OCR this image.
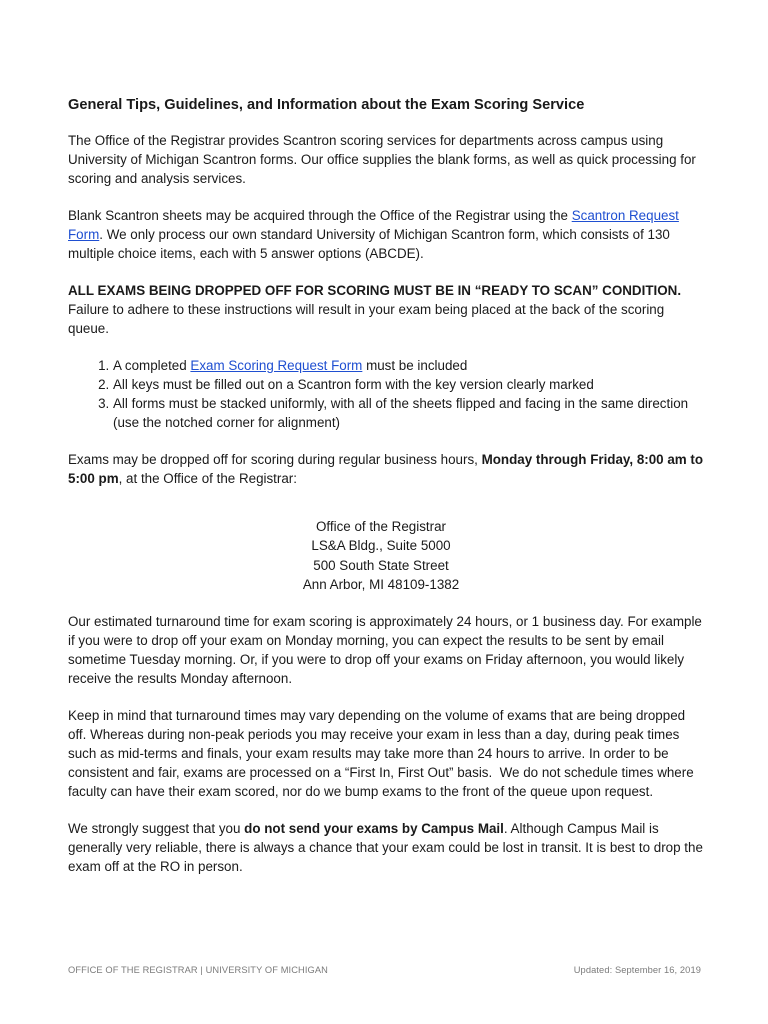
General Tips, Guidelines, and Information about the Exam Scoring Service

The Office of the Registrar provides Scantron scoring services for departments across campus using University of Michigan Scantron forms. Our office supplies the blank forms, as well as quick processing for scoring and analysis services.

Blank Scantron sheets may be acquired through the Office of the Registrar using the Scantron Request Form. We only process our own standard University of Michigan Scantron form, which consists of 130 multiple choice items, each with 5 answer options (ABCDE).

ALL EXAMS BEING DROPPED OFF FOR SCORING MUST BE IN “READY TO SCAN” CONDITION.  Failure to adhere to these instructions will result in your exam being placed at the back of the scoring queue.

1. A completed Exam Scoring Request Form must be included
2. All keys must be filled out on a Scantron form with the key version clearly marked
3. All forms must be stacked uniformly, with all of the sheets flipped and facing in the same direction (use the notched corner for alignment)

Exams may be dropped off for scoring during regular business hours, Monday through Friday, 8:00 am to 5:00 pm, at the Office of the Registrar:

Office of the Registrar
LS&A Bldg., Suite 5000
500 South State Street
Ann Arbor, MI 48109-1382

Our estimated turnaround time for exam scoring is approximately 24 hours, or 1 business day. For example if you were to drop off your exam on Monday morning, you can expect the results to be sent by email sometime Tuesday morning. Or, if you were to drop off your exams on Friday afternoon, you would likely receive the results Monday afternoon.

Keep in mind that turnaround times may vary depending on the volume of exams that are being dropped off. Whereas during non-peak periods you may receive your exam in less than a day, during peak times such as mid-terms and finals, your exam results may take more than 24 hours to arrive. In order to be consistent and fair, exams are processed on a “First In, First Out” basis.  We do not schedule times where faculty can have their exam scored, nor do we bump exams to the front of the queue upon request.

We strongly suggest that you do not send your exams by Campus Mail. Although Campus Mail is generally very reliable, there is always a chance that your exam could be lost in transit. It is best to drop the exam off at the RO in person.

OFFICE OF THE REGISTRAR | UNIVERSITY OF MICHIGAN	Updated: September 16, 2019
